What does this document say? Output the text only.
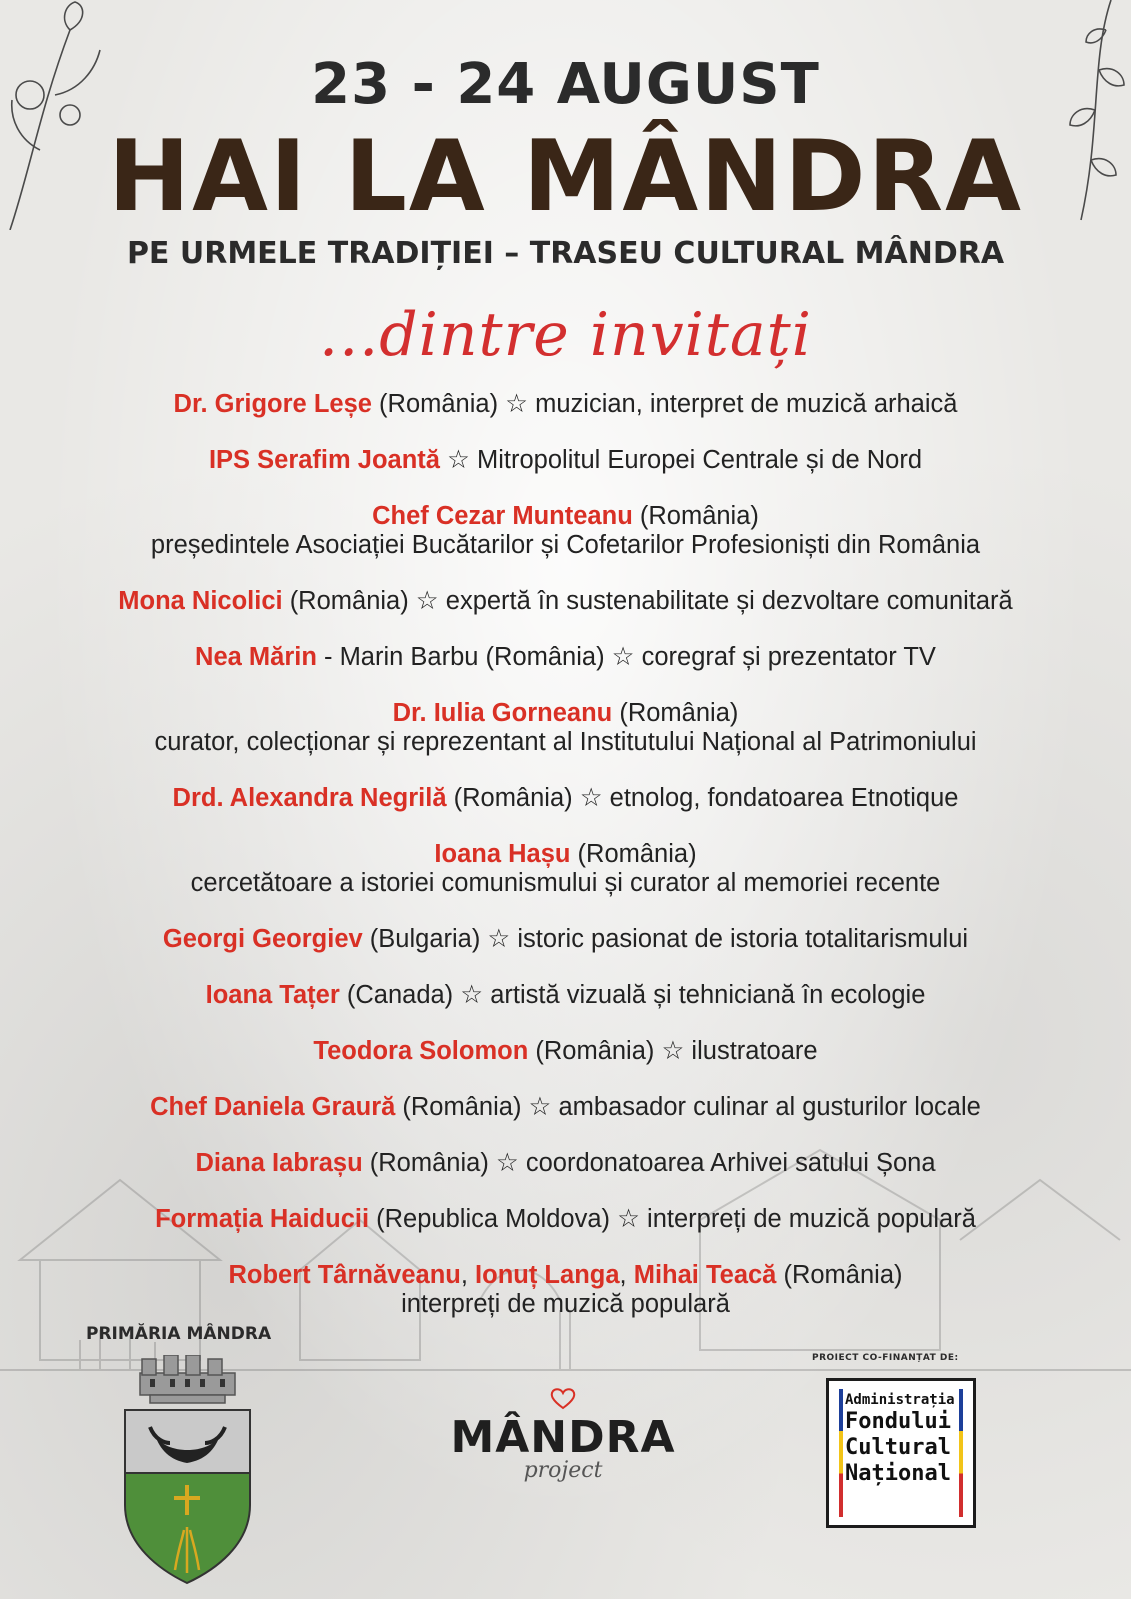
23 - 24 AUGUST
HAI LA MÂNDRA
PE URMELE TRADIȚIEI – TRASEU CULTURAL MÂNDRA
...dintre invitați
Dr. Grigore Leșe (România) ☆ muzician, interpret de muzică arhaică
IPS Serafim Joantă ☆ Mitropolitul Europei Centrale și de Nord
Chef Cezar Munteanu (România)
președintele Asociației Bucătarilor și Cofetarilor Profesioniști din România
Mona Nicolici (România) ☆ expertă în sustenabilitate și dezvoltare comunitară
Nea Mărin - Marin Barbu (România) ☆ coregraf și prezentator TV
Dr. Iulia Gorneanu (România)
curator, colecționar și reprezentant al Institutului Național al Patrimoniului
Drd. Alexandra Negrilă (România) ☆ etnolog, fondatoarea Etnotique
Ioana Hașu (România)
cercetătoare a istoriei comunismului și curator al memoriei recente
Georgi Georgiev (Bulgaria) ☆ istoric pasionat de istoria totalitarismului
Ioana Tațer (Canada) ☆ artistă vizuală și tehniciană în ecologie
Teodora Solomon (România) ☆ ilustratoare
Chef Daniela Graură (România) ☆ ambasador culinar al gusturilor locale
Diana Iabrașu (România) ☆ coordonatoarea Arhivei satului Șona
Formația Haiducii (Republica Moldova) ☆ interpreți de muzică populară
Robert Târnăveanu, Ionuț Langa, Mihai Teacă (România)
interpreți de muzică populară
PRIMĂRIA MÂNDRA
MÂNDRA
project
PROIECT CO-FINANȚAT DE:
Administrația
Fondului
Cultural
Național
